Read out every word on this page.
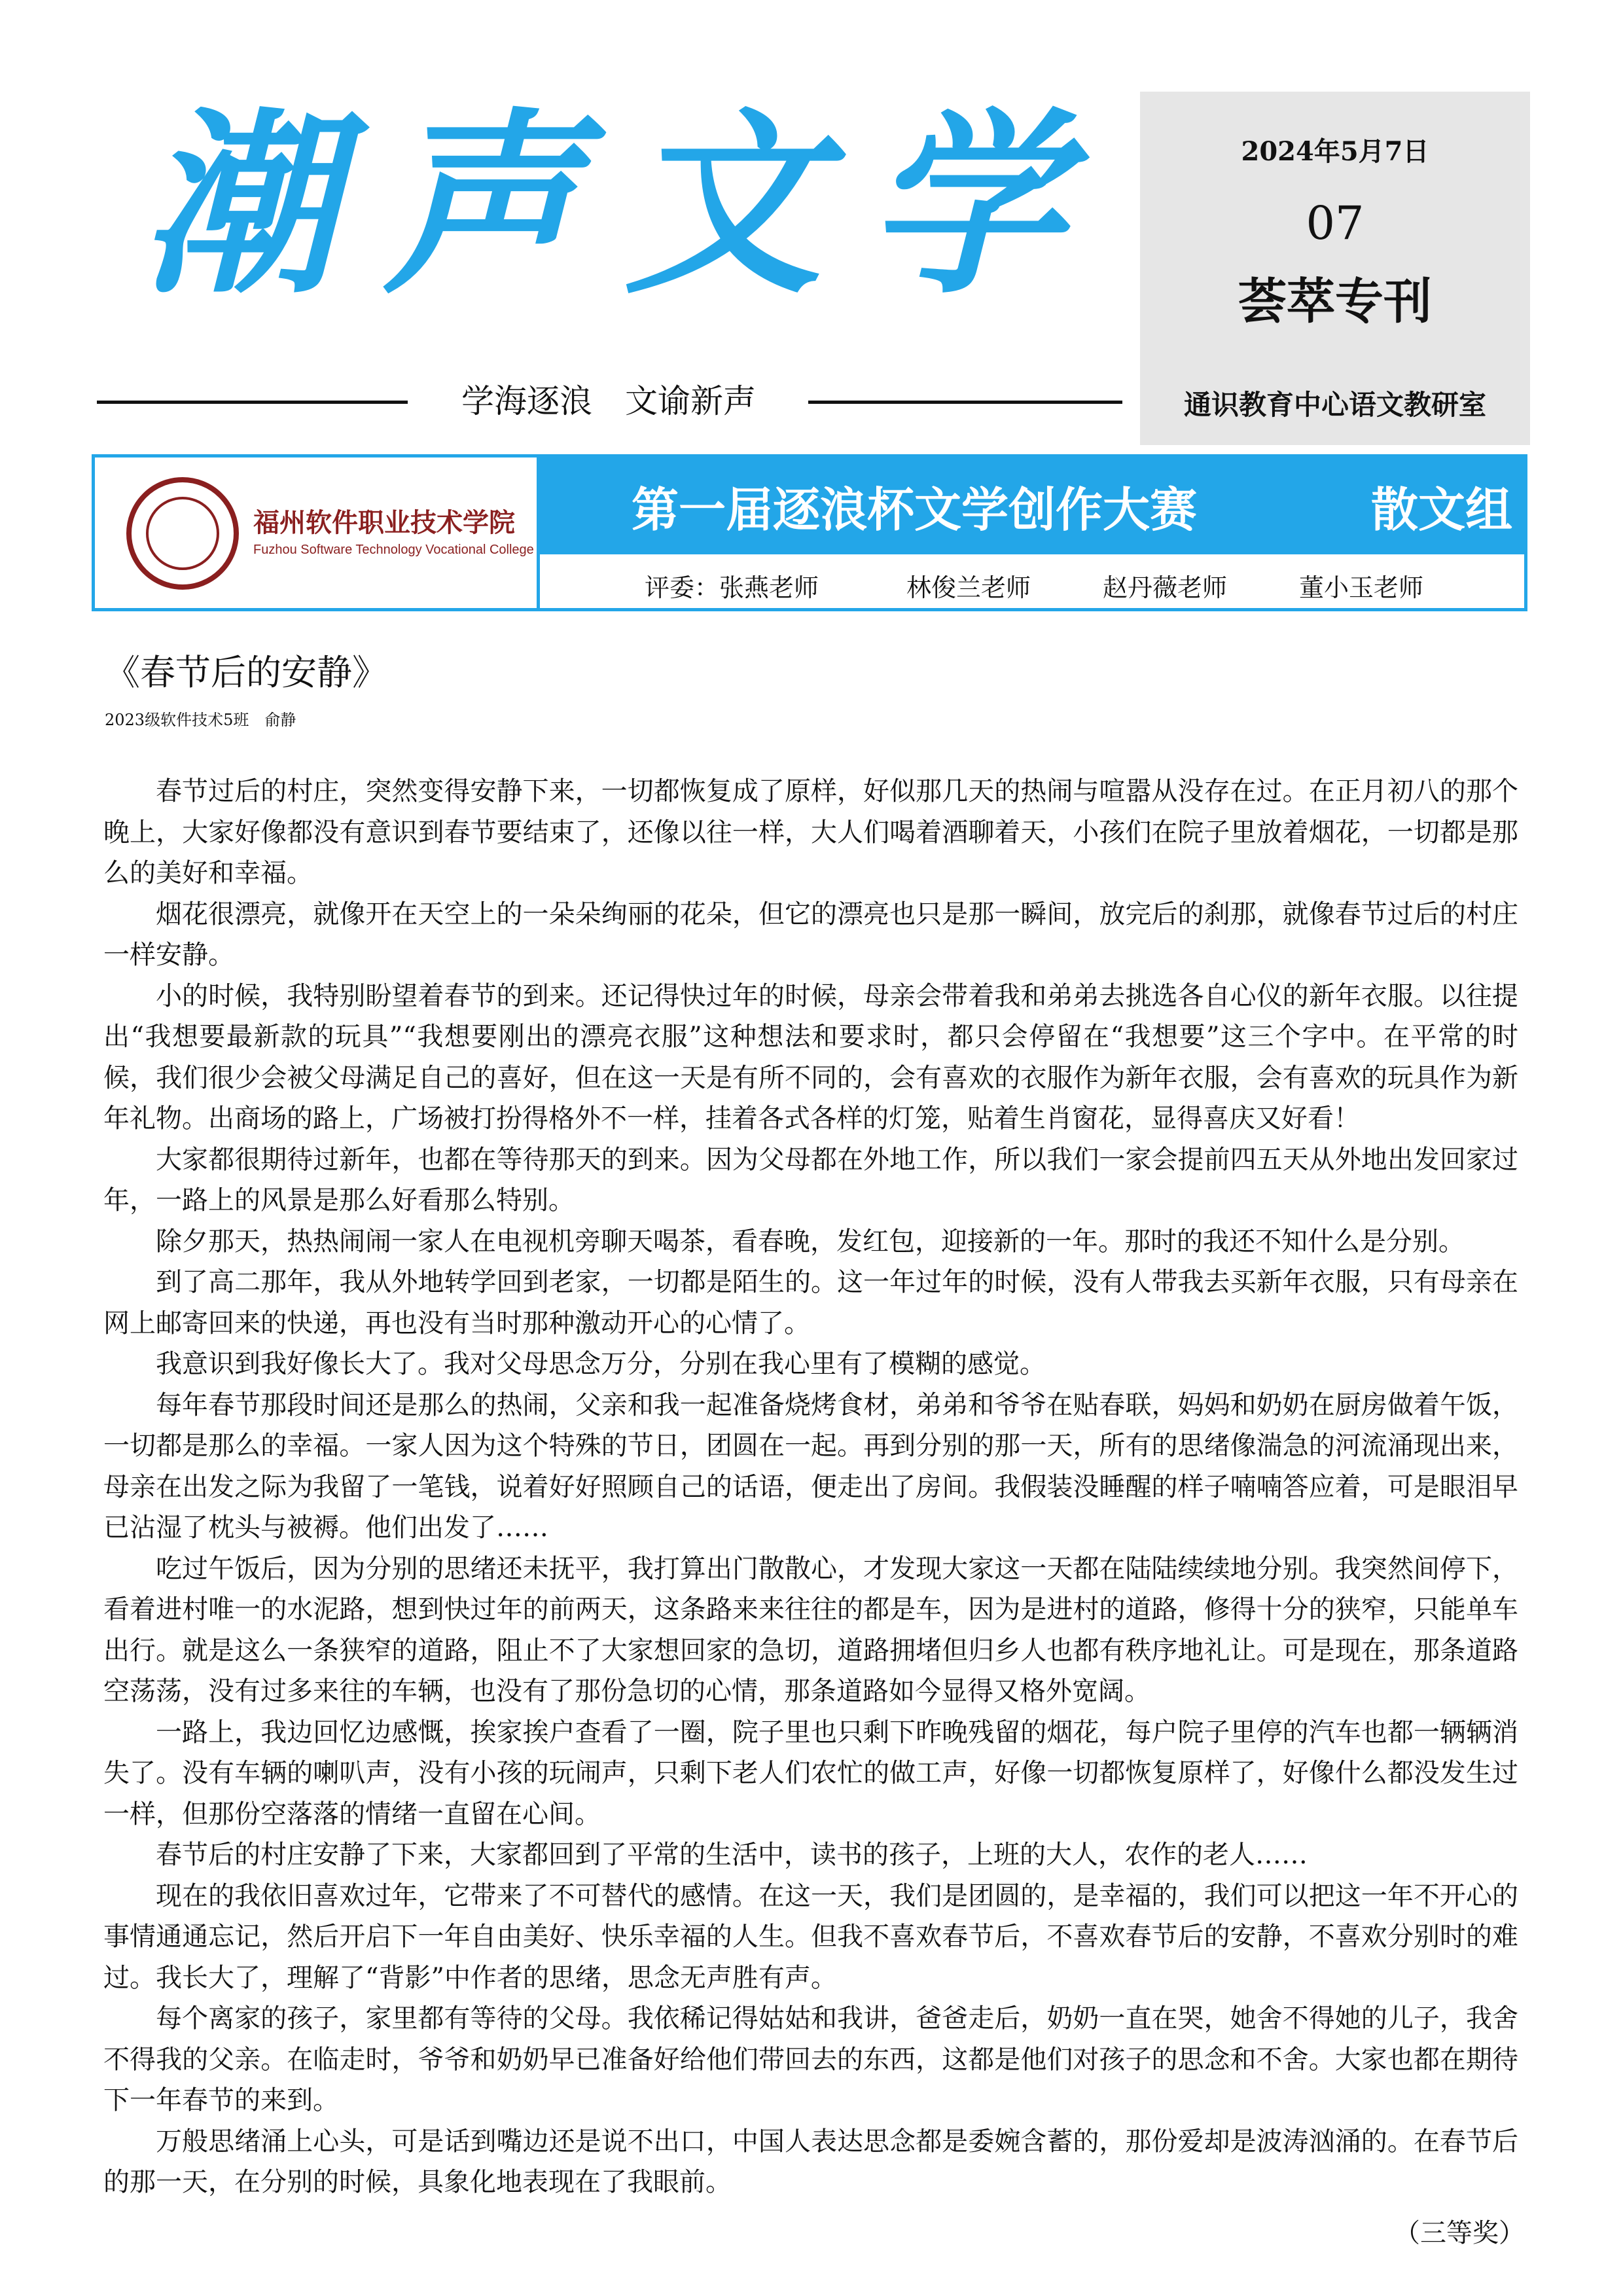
潮声文学
学海逐浪　文谕新声
2024年5月7日
07
荟萃专刊
通识教育中心语文教研室
福州软件职业技术学院
Fuzhou Software Technology Vocational College
第一届逐浪杯文学创作大赛	散文组
评委：张燕老师	林俊兰老师	赵丹薇老师	董小玉老师
《春节后的安静》
2023级软件技术5班　俞静

春节过后的村庄，突然变得安静下来，一切都恢复成了原样，好似那几天的热闹与喧嚣从没存在过。在正月初八的那个晚上，大家好像都没有意识到春节要结束了，还像以往一样，大人们喝着酒聊着天，小孩们在院子里放着烟花，一切都是那么的美好和幸福。

烟花很漂亮，就像开在天空上的一朵朵绚丽的花朵，但它的漂亮也只是那一瞬间，放完后的刹那，就像春节过后的村庄一样安静。

小的时候，我特别盼望着春节的到来。还记得快过年的时候，母亲会带着我和弟弟去挑选各自心仪的新年衣服。以往提出“我想要最新款的玩具”“我想要刚出的漂亮衣服”这种想法和要求时，都只会停留在“我想要”这三个字中。在平常的时候，我们很少会被父母满足自己的喜好，但在这一天是有所不同的，会有喜欢的衣服作为新年衣服，会有喜欢的玩具作为新年礼物。出商场的路上，广场被打扮得格外不一样，挂着各式各样的灯笼，贴着生肖窗花，显得喜庆又好看！

大家都很期待过新年，也都在等待那天的到来。因为父母都在外地工作，所以我们一家会提前四五天从外地出发回家过年，一路上的风景是那么好看那么特别。

除夕那天，热热闹闹一家人在电视机旁聊天喝茶，看春晚，发红包，迎接新的一年。那时的我还不知什么是分别。

到了高二那年，我从外地转学回到老家，一切都是陌生的。这一年过年的时候，没有人带我去买新年衣服，只有母亲在网上邮寄回来的快递，再也没有当时那种激动开心的心情了。

我意识到我好像长大了。我对父母思念万分，分别在我心里有了模糊的感觉。

每年春节那段时间还是那么的热闹，父亲和我一起准备烧烤食材，弟弟和爷爷在贴春联，妈妈和奶奶在厨房做着午饭，一切都是那么的幸福。一家人因为这个特殊的节日，团圆在一起。再到分别的那一天，所有的思绪像湍急的河流涌现出来，母亲在出发之际为我留了一笔钱，说着好好照顾自己的话语，便走出了房间。我假装没睡醒的样子喃喃答应着，可是眼泪早已沾湿了枕头与被褥。他们出发了……

吃过午饭后，因为分别的思绪还未抚平，我打算出门散散心，才发现大家这一天都在陆陆续续地分别。我突然间停下，看着进村唯一的水泥路，想到快过年的前两天，这条路来来往往的都是车，因为是进村的道路，修得十分的狭窄，只能单车出行。就是这么一条狭窄的道路，阻止不了大家想回家的急切，道路拥堵但归乡人也都有秩序地礼让。可是现在，那条道路空荡荡，没有过多来往的车辆，也没有了那份急切的心情，那条道路如今显得又格外宽阔。

一路上，我边回忆边感慨，挨家挨户查看了一圈，院子里也只剩下昨晚残留的烟花，每户院子里停的汽车也都一辆辆消失了。没有车辆的喇叭声，没有小孩的玩闹声，只剩下老人们农忙的做工声，好像一切都恢复原样了，好像什么都没发生过一样，但那份空落落的情绪一直留在心间。

春节后的村庄安静了下来，大家都回到了平常的生活中，读书的孩子，上班的大人，农作的老人……

现在的我依旧喜欢过年，它带来了不可替代的感情。在这一天，我们是团圆的，是幸福的，我们可以把这一年不开心的事情通通忘记，然后开启下一年自由美好、快乐幸福的人生。但我不喜欢春节后，不喜欢春节后的安静，不喜欢分别时的难过。我长大了，理解了“背影”中作者的思绪，思念无声胜有声。

每个离家的孩子，家里都有等待的父母。我依稀记得姑姑和我讲，爸爸走后，奶奶一直在哭，她舍不得她的儿子，我舍不得我的父亲。在临走时，爷爷和奶奶早已准备好给他们带回去的东西，这都是他们对孩子的思念和不舍。大家也都在期待下一年春节的来到。

万般思绪涌上心头，可是话到嘴边还是说不出口，中国人表达思念都是委婉含蓄的，那份爱却是波涛汹涌的。在春节后的那一天，在分别的时候，具象化地表现在了我眼前。

（三等奖）
